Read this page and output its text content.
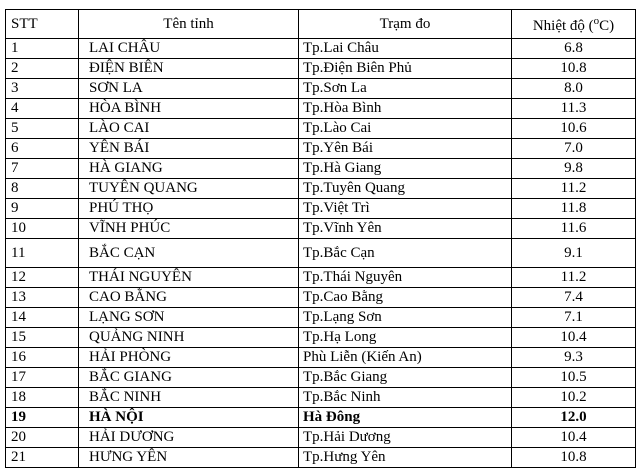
STT	Tên tỉnh	Trạm đo	Nhiệt độ ($^o$C)
1	LAI CHÂU	Tp.Lai Châu	6.8
2	ĐIỆN BIÊN	Tp.Điện Biên Phủ	10.8
3	SƠN LA	Tp.Sơn La	8.0
4	HÒA BÌNH	Tp.Hòa Bình	11.3
5	LÀO CAI	Tp.Lào Cai	10.6
6	YÊN BÁI	Tp.Yên Bái	7.0
7	HÀ GIANG	Tp.Hà Giang	9.8
8	TUYÊN QUANG	Tp.Tuyên Quang	11.2
9	PHÚ THỌ	Tp.Việt Trì	11.8
10	VĨNH PHÚC	Tp.Vĩnh Yên	11.6
11	BẮC CẠN	Tp.Bắc Cạn	9.1
12	THÁI NGUYÊN	Tp.Thái Nguyên	11.2
13	CAO BẰNG	Tp.Cao Bằng	7.4
14	LẠNG SƠN	Tp.Lạng Sơn	7.1
15	QUẢNG NINH	Tp.Hạ Long	10.4
16	HẢI PHÒNG	Phù Liễn (Kiến An)	9.3
17	BẮC GIANG	Tp.Bắc Giang	10.5
18	BẮC NINH	Tp.Bắc Ninh	10.2
19	HÀ NỘI	Hà Đông	12.0
20	HẢI DƯƠNG	Tp.Hải Dương	10.4
21	HƯNG YÊN	Tp.Hưng Yên	10.8
